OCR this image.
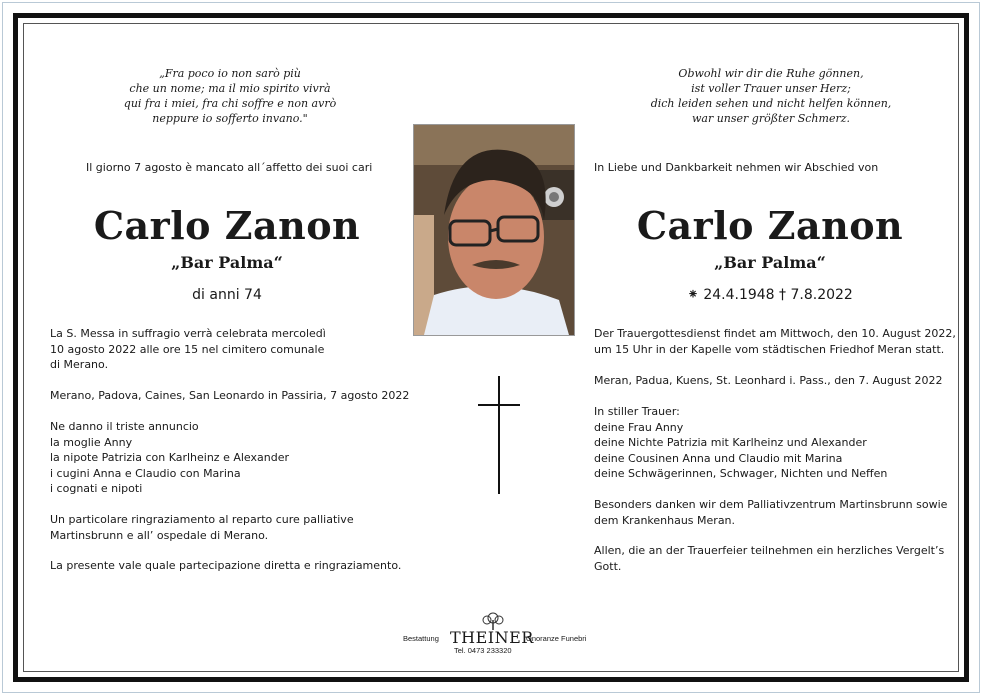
„Fra poco io non sarò più
che un nome; ma il mio spirito vivrà
qui fra i miei, fra chi soffre e non avrò
neppure io sofferto invano."
Il giorno 7 agosto è mancato all´affetto dei suoi cari
Carlo Zanon
„Bar Palma“
di anni 74
La S. Messa in suffragio verrà celebrata mercoledì
10 agosto 2022 alle ore 15 nel cimitero comunale
di Merano.
Merano, Padova, Caines, San Leonardo in Passiria, 7 agosto 2022
Ne danno il triste annuncio
la moglie Anny
la nipote Patrizia con Karlheinz e Alexander
i cugini Anna e Claudio con Marina
i cognati e nipoti
Un particolare ringraziamento al reparto cure palliative
Martinsbrunn e all’ ospedale di Merano.
La presente vale quale partecipazione diretta e ringraziamento.
Obwohl wir dir die Ruhe gönnen,
ist voller Trauer unser Herz;
dich leiden sehen und nicht helfen können,
war unser größter Schmerz.
In Liebe und Dankbarkeit nehmen wir Abschied von
Carlo Zanon
„Bar Palma“
⁕ 24.4.1948 † 7.8.2022
Der Trauergottesdienst findet am Mittwoch, den 10. August 2022,
um 15 Uhr in der Kapelle vom städtischen Friedhof Meran statt.
Meran, Padua, Kuens, St. Leonhard i. Pass., den 7. August 2022
In stiller Trauer:
deine Frau Anny
deine Nichte Patrizia mit Karlheinz und Alexander
deine Cousinen Anna und Claudio mit Marina
deine Schwägerinnen, Schwager, Nichten und Neffen
Besonders danken wir dem Palliativzentrum Martinsbrunn sowie
dem Krankenhaus Meran.
Allen, die an der Trauerfeier teilnehmen ein herzliches Vergelt’s
Gott.
Bestattung THEINER
Onoranze Funebri
Tel. 0473 233320
